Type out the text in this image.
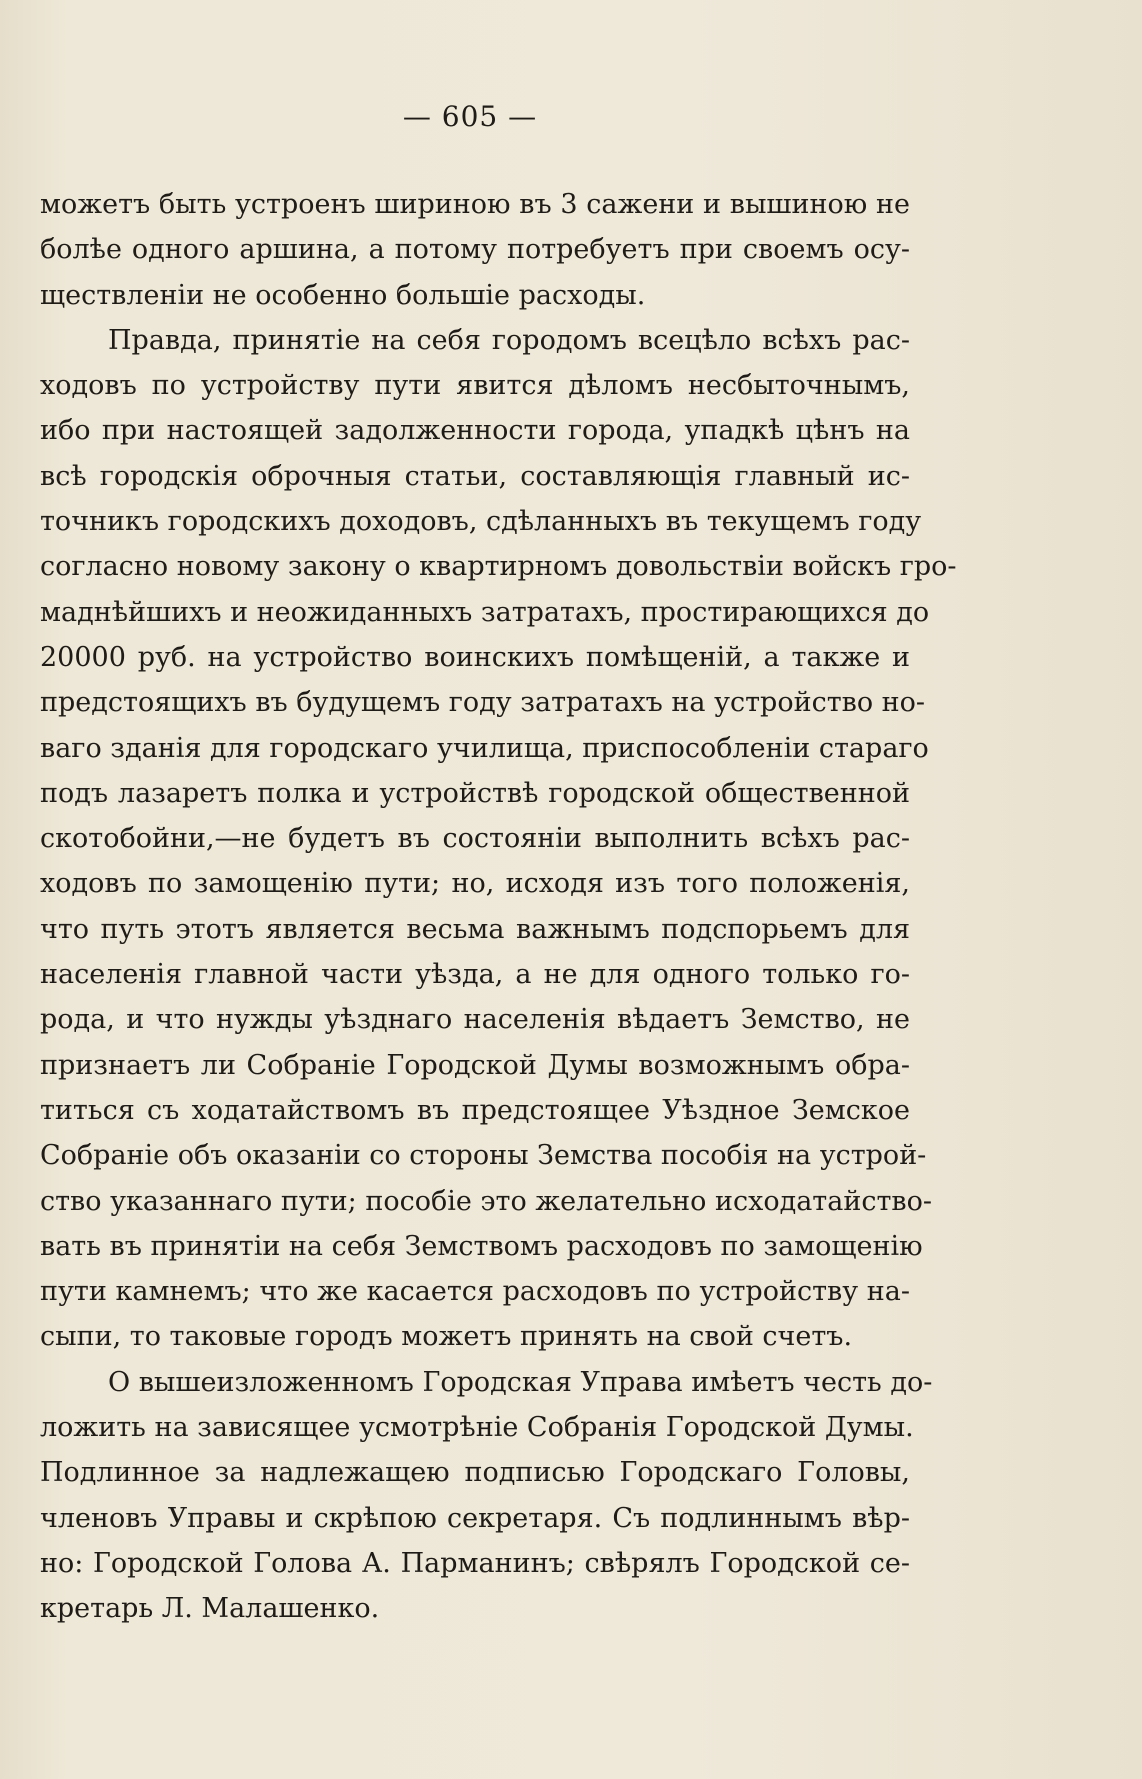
— 605 —

можетъ быть устроенъ шириною въ 3 сажени и вышиною не
болѣе одного аршина, а потому потребуетъ при своемъ осу-
ществленіи не особенно большіе расходы.

Правда, принятіе на себя городомъ всецѣло всѣхъ рас-
ходовъ по устройству пути явится дѣломъ несбыточнымъ,
ибо при настоящей задолженности города, упадкѣ цѣнъ на
всѣ городскія оброчныя статьи, составляющія главный ис-
точникъ городскихъ доходовъ, сдѣланныхъ въ текущемъ году
согласно новому закону о квартирномъ довольствіи войскъ гро-
маднѣйшихъ и неожиданныхъ затратахъ, простирающихся до
20000 руб. на устройство воинскихъ помѣщеній, а также и
предстоящихъ въ будущемъ году затратахъ на устройство но-
ваго зданія для городскаго училища, приспособленіи стараго
подъ лазаретъ полка и устройствѣ городской общественной
скотобойни,—не будетъ въ состояніи выполнить всѣхъ рас-
ходовъ по замощенію пути; но, исходя изъ того положенія,
что путь этотъ является весьма важнымъ подспорьемъ для
населенія главной части уѣзда, а не для одного только го-
рода, и что нужды уѣзднаго населенія вѣдаетъ Земство, не
признаетъ ли Собраніе Городской Думы возможнымъ обра-
титься съ ходатайствомъ въ предстоящее Уѣздное Земское
Собраніе объ оказаніи со стороны Земства пособія на устрой-
ство указаннаго пути; пособіе это желательно исходатайство-
вать въ принятіи на себя Земствомъ расходовъ по замощенію
пути камнемъ; что же касается расходовъ по устройству на-
сыпи, то таковые городъ можетъ принять на свой счетъ.

О вышеизложенномъ Городская Управа имѣетъ честь до-
ложить на зависящее усмотрѣніе Собранія Городской Думы.
Подлинное за надлежащею подписью Городскаго Головы,
членовъ Управы и скрѣпою секретаря. Съ подлиннымъ вѣр-
но: Городской Голова А. Парманинъ; свѣрялъ Городской се-
кретарь Л. Малашенко.
